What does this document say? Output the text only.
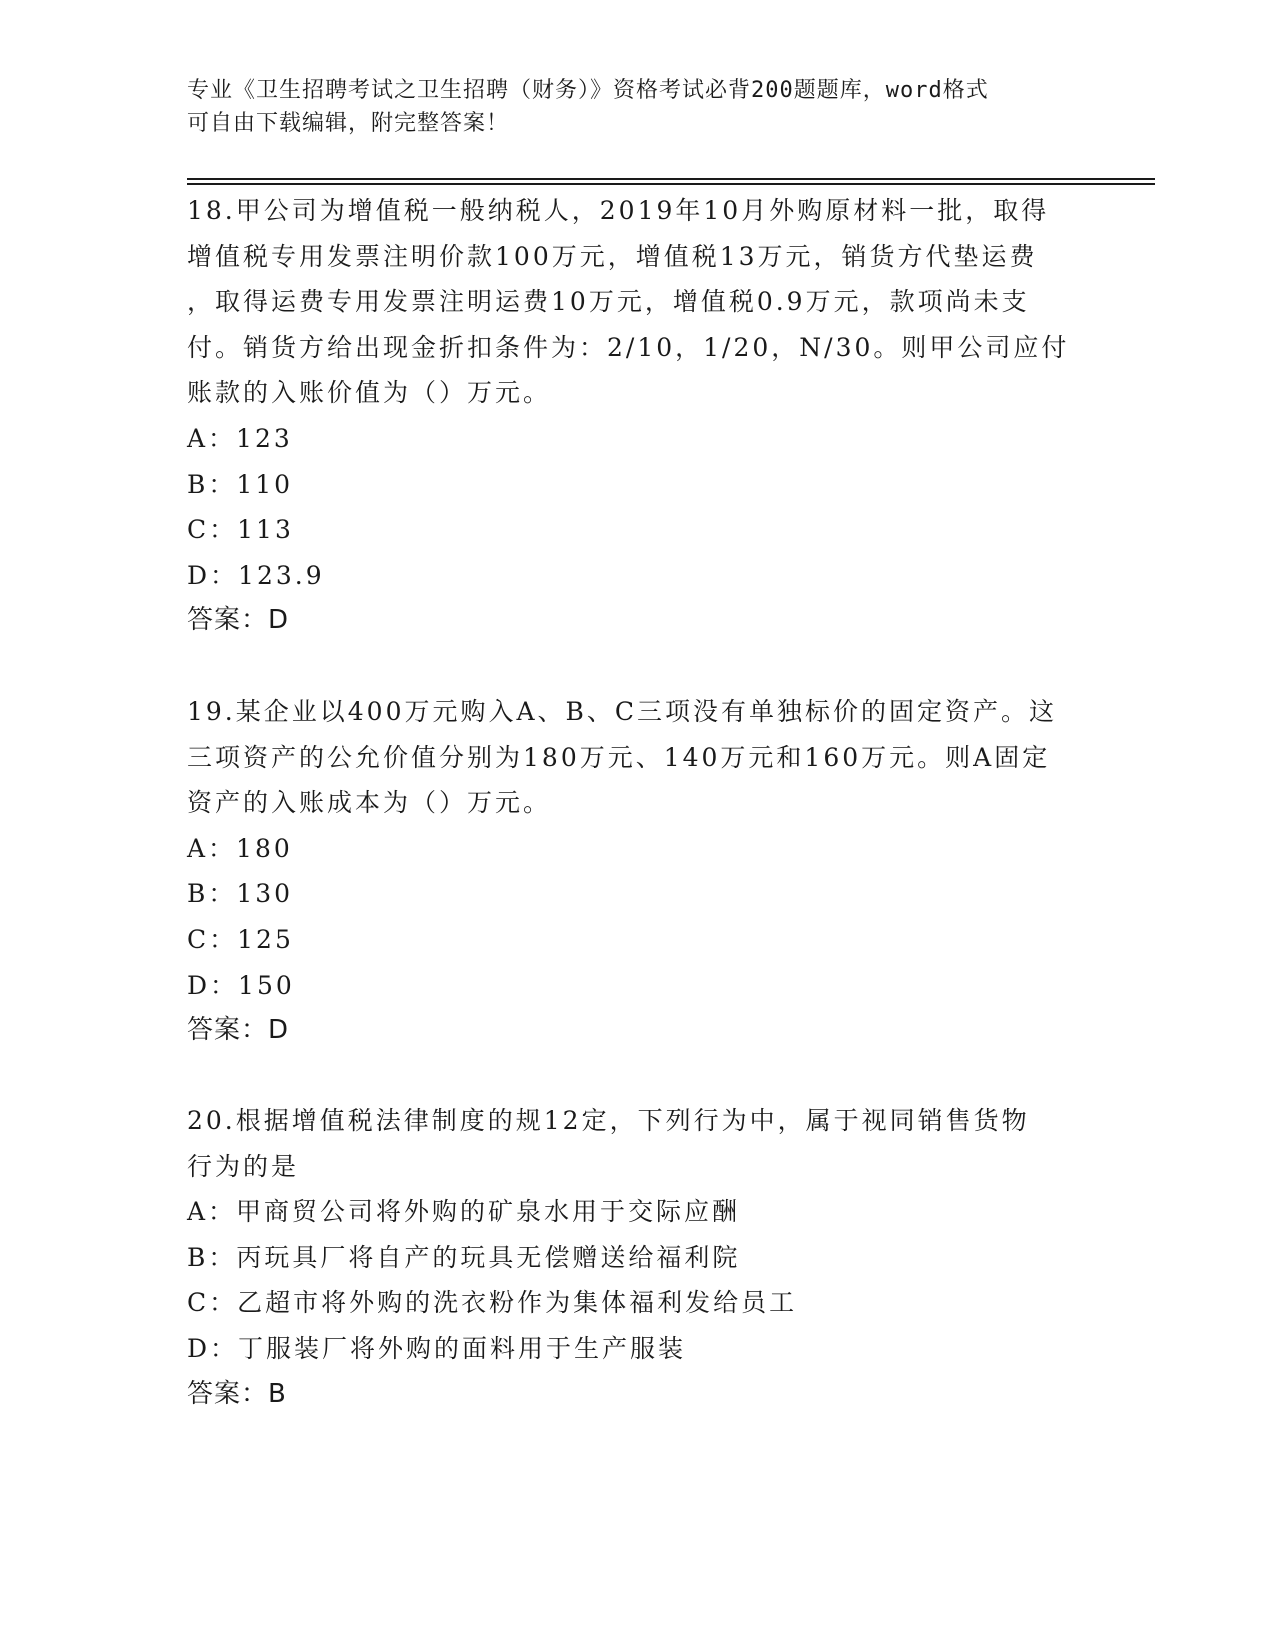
专业《卫生招聘考试之卫生招聘（财务）》资格考试必背200题题库，word格式
可自由下载编辑，附完整答案！
18.甲公司为增值税一般纳税人，2019年10月外购原材料一批，取得
增值税专用发票注明价款100万元，增值税13万元，销货方代垫运费
，取得运费专用发票注明运费10万元，增值税0.9万元，款项尚未支
付。销货方给出现金折扣条件为：2/10，1/20，N/30。则甲公司应付
账款的入账价值为（）万元。
A：123
B：110
C：113
D：123.9
答案：D
19.某企业以400万元购入A、B、C三项没有单独标价的固定资产。这
三项资产的公允价值分别为180万元、140万元和160万元。则A固定
资产的入账成本为（）万元。
A：180
B：130
C：125
D：150
答案：D
20.根据增值税法律制度的规12定，下列行为中，属于视同销售货物
行为的是
A：甲商贸公司将外购的矿泉水用于交际应酬
B：丙玩具厂将自产的玩具无偿赠送给福利院
C：乙超市将外购的洗衣粉作为集体福利发给员工
D：丁服装厂将外购的面料用于生产服装
答案：B
